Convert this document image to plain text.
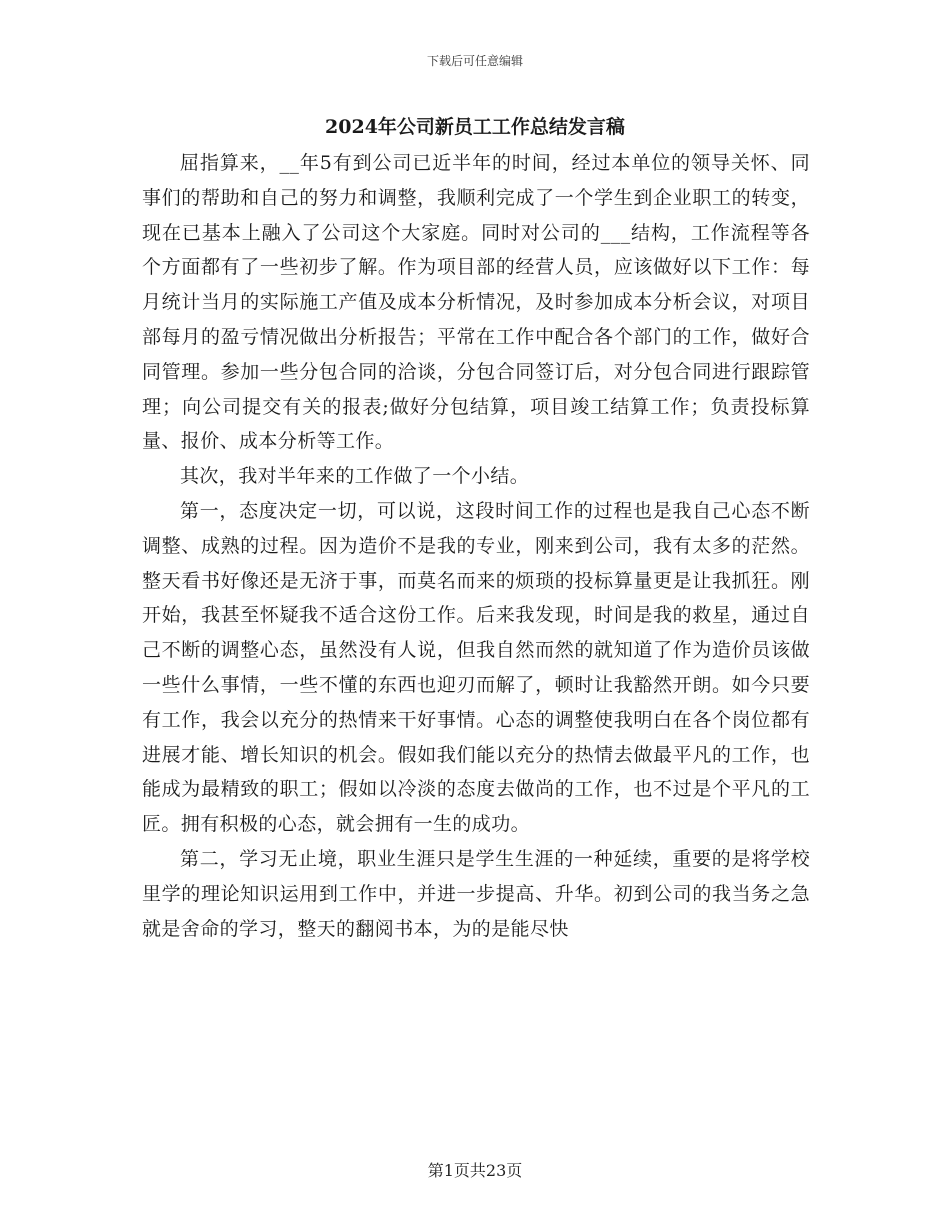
下载后可任意编辑
2024年公司新员工工作总结发言稿

屈指算来，__年5有到公司已近半年的时间，经过本单位的领导关怀、同事们的帮助和自己的努力和调整，我顺利完成了一个学生到企业职工的转变，现在已基本上融入了公司这个大家庭。同时对公司的___结构，工作流程等各个方面都有了一些初步了解。作为项目部的经营人员，应该做好以下工作：每月统计当月的实际施工产值及成本分析情况，及时参加成本分析会议，对项目部每月的盈亏情况做出分析报告；平常在工作中配合各个部门的工作，做好合同管理。参加一些分包合同的洽谈，分包合同签订后，对分包合同进行跟踪管理；向公司提交有关的报表;做好分包结算，项目竣工结算工作；负责投标算量、报价、成本分析等工作。

其次，我对半年来的工作做了一个小结。

第一，态度决定一切，可以说，这段时间工作的过程也是我自己心态不断调整、成熟的过程。因为造价不是我的专业，刚来到公司，我有太多的茫然。整天看书好像还是无济于事，而莫名而来的烦琐的投标算量更是让我抓狂。刚开始，我甚至怀疑我不适合这份工作。后来我发现，时间是我的救星，通过自己不断的调整心态，虽然没有人说，但我自然而然的就知道了作为造价员该做一些什么事情，一些不懂的东西也迎刃而解了，顿时让我豁然开朗。如今只要有工作，我会以充分的热情来干好事情。心态的调整使我明白在各个岗位都有进展才能、增长知识的机会。假如我们能以充分的热情去做最平凡的工作，也能成为最精致的职工；假如以冷淡的态度去做尚的工作，也不过是个平凡的工匠。拥有积极的心态，就会拥有一生的成功。

第二，学习无止境，职业生涯只是学生生涯的一种延续，重要的是将学校里学的理论知识运用到工作中，并进一步提高、升华。初到公司的我当务之急就是舍命的学习，整天的翻阅书本，为的是能尽快

第1页共23页
